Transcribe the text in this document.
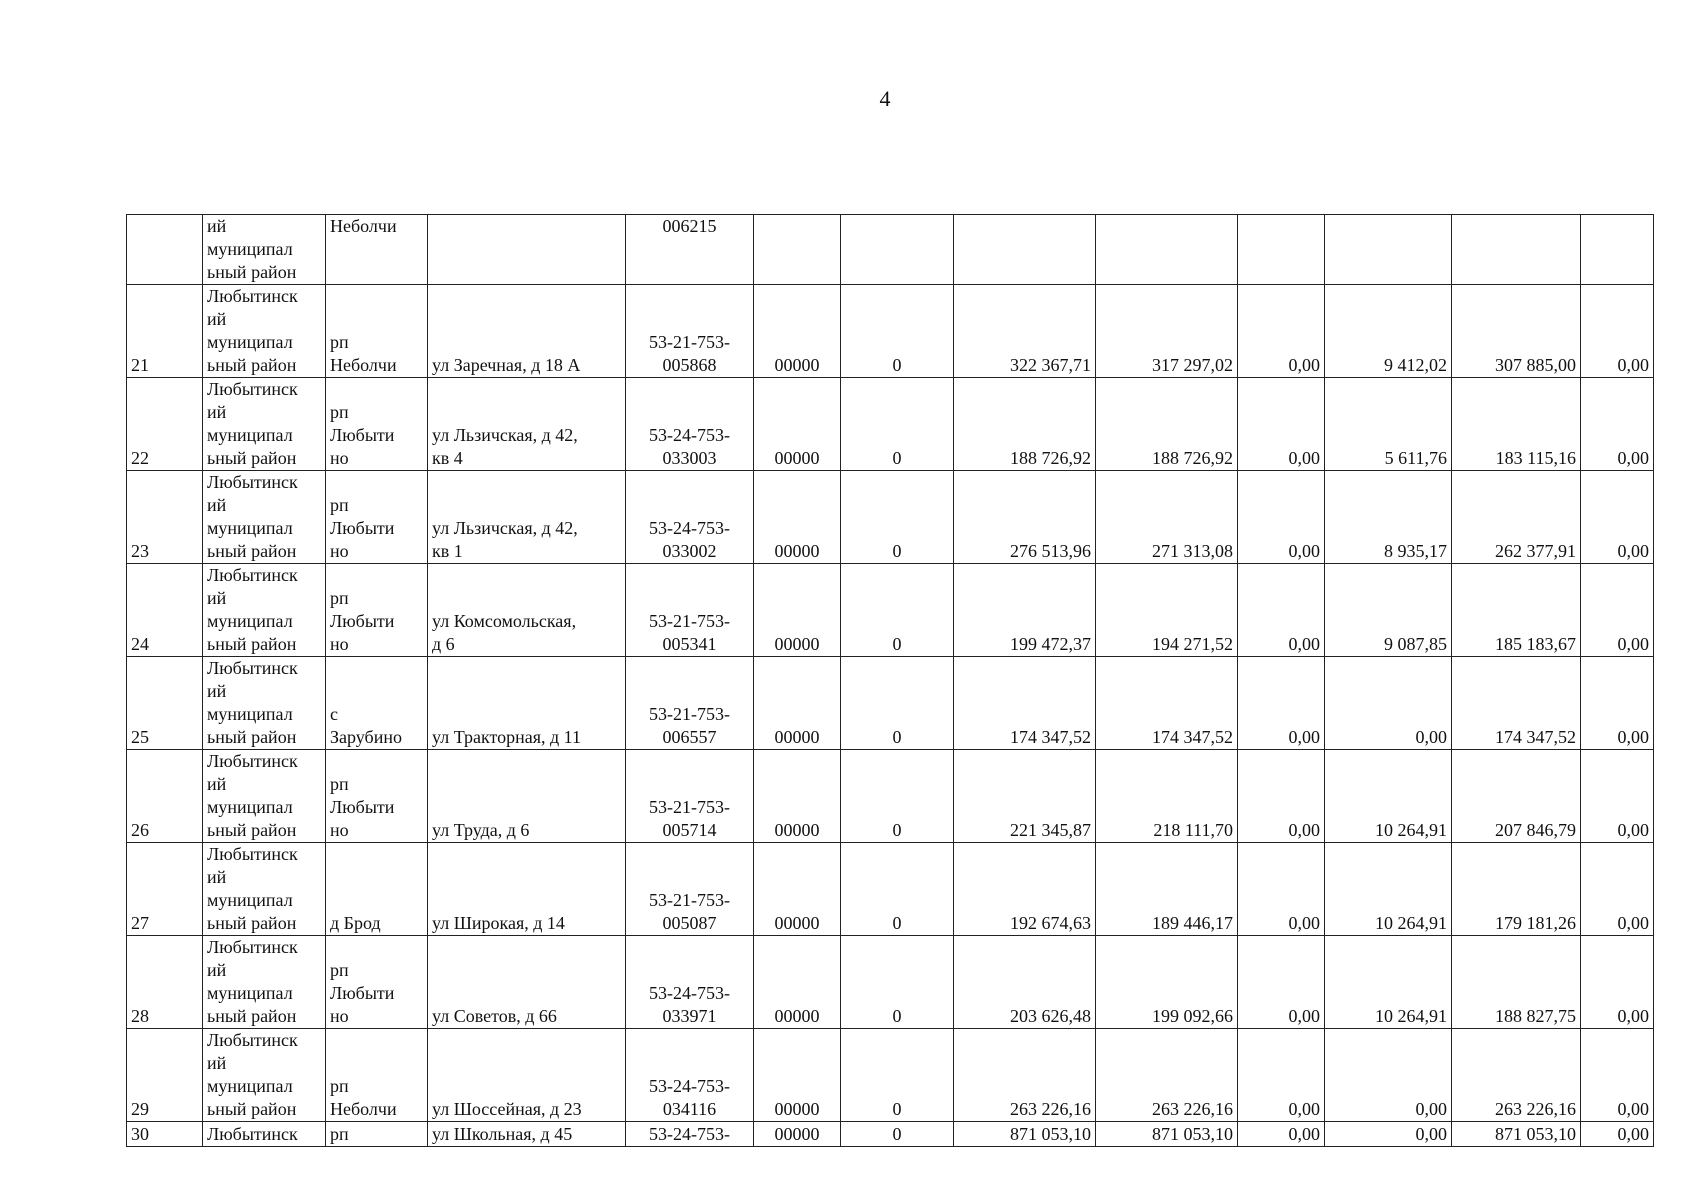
4
	ий
муниципал
ьный район	Неболчи		006215								
21	Любытинск
ий
муниципал
ьный район	рп
Неболчи	ул Заречная, д 18 А	53-21-753-
005868	00000	0	322 367,71	317 297,02	0,00	9 412,02	307 885,00	0,00
22	Любытинск
ий
муниципал
ьный район	рп
Любыти
но	ул Льзичская, д 42,
кв 4	53-24-753-
033003	00000	0	188 726,92	188 726,92	0,00	5 611,76	183 115,16	0,00
23	Любытинск
ий
муниципал
ьный район	рп
Любыти
но	ул Льзичская, д 42,
кв 1	53-24-753-
033002	00000	0	276 513,96	271 313,08	0,00	8 935,17	262 377,91	0,00
24	Любытинск
ий
муниципал
ьный район	рп
Любыти
но	ул Комсомольская,
д 6	53-21-753-
005341	00000	0	199 472,37	194 271,52	0,00	9 087,85	185 183,67	0,00
25	Любытинск
ий
муниципал
ьный район	с
Зарубино	ул Тракторная, д 11	53-21-753-
006557	00000	0	174 347,52	174 347,52	0,00	0,00	174 347,52	0,00
26	Любытинск
ий
муниципал
ьный район	рп
Любыти
но	ул Труда, д 6	53-21-753-
005714	00000	0	221 345,87	218 111,70	0,00	10 264,91	207 846,79	0,00
27	Любытинск
ий
муниципал
ьный район	д Брод	ул Широкая, д 14	53-21-753-
005087	00000	0	192 674,63	189 446,17	0,00	10 264,91	179 181,26	0,00
28	Любытинск
ий
муниципал
ьный район	рп
Любыти
но	ул Советов, д 66	53-24-753-
033971	00000	0	203 626,48	199 092,66	0,00	10 264,91	188 827,75	0,00
29	Любытинск
ий
муниципал
ьный район	рп
Неболчи	ул Шоссейная, д 23	53-24-753-
034116	00000	0	263 226,16	263 226,16	0,00	0,00	263 226,16	0,00
30	Любытинск	рп	ул Школьная, д 45	53-24-753-	00000	0	871 053,10	871 053,10	0,00	0,00	871 053,10	0,00
